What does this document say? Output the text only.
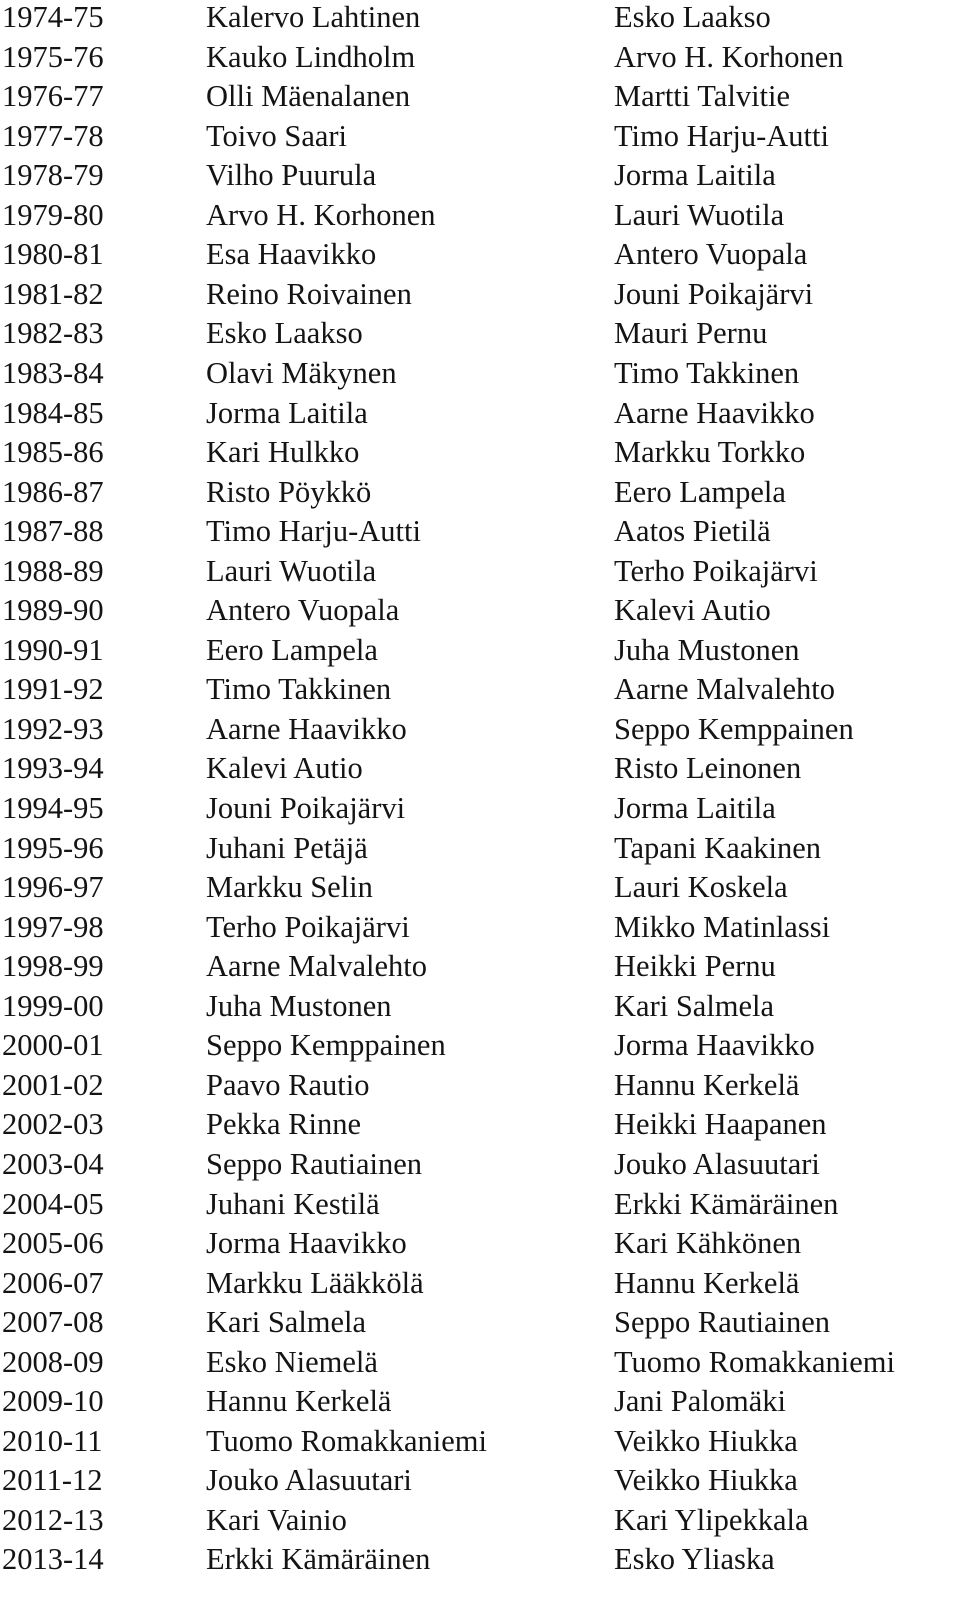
1974-75	Kalervo Lahtinen	Esko Laakso
1975-76	Kauko Lindholm	Arvo H. Korhonen
1976-77	Olli Mäenalanen	Martti Talvitie
1977-78	Toivo Saari	Timo Harju-Autti
1978-79	Vilho Puurula	Jorma Laitila
1979-80	Arvo H. Korhonen	Lauri Wuotila
1980-81	Esa Haavikko	Antero Vuopala
1981-82	Reino Roivainen	Jouni Poikajärvi
1982-83	Esko Laakso	Mauri Pernu
1983-84	Olavi Mäkynen	Timo Takkinen
1984-85	Jorma Laitila	Aarne Haavikko
1985-86	Kari Hulkko	Markku Torkko
1986-87	Risto Pöykkö	Eero Lampela
1987-88	Timo Harju-Autti	Aatos Pietilä
1988-89	Lauri Wuotila	Terho Poikajärvi
1989-90	Antero Vuopala	Kalevi Autio
1990-91	Eero Lampela	Juha Mustonen
1991-92	Timo Takkinen	Aarne Malvalehto
1992-93	Aarne Haavikko	Seppo Kemppainen
1993-94	Kalevi Autio	Risto Leinonen
1994-95	Jouni Poikajärvi	Jorma Laitila
1995-96	Juhani Petäjä	Tapani Kaakinen
1996-97	Markku Selin	Lauri Koskela
1997-98	Terho Poikajärvi	Mikko Matinlassi
1998-99	Aarne Malvalehto	Heikki Pernu
1999-00	Juha Mustonen	Kari Salmela
2000-01	Seppo Kemppainen	Jorma Haavikko
2001-02	Paavo Rautio	Hannu Kerkelä
2002-03	Pekka Rinne	Heikki Haapanen
2003-04	Seppo Rautiainen	Jouko Alasuutari
2004-05	Juhani Kestilä	Erkki Kämäräinen
2005-06	Jorma Haavikko	Kari Kähkönen
2006-07	Markku Lääkkölä	Hannu Kerkelä
2007-08	Kari Salmela	Seppo Rautiainen
2008-09	Esko Niemelä	Tuomo Romakkaniemi
2009-10	Hannu Kerkelä	Jani Palomäki
2010-11	Tuomo Romakkaniemi	Veikko Hiukka
2011-12	Jouko Alasuutari	Veikko Hiukka
2012-13	Kari Vainio	Kari Ylipekkala
2013-14	Erkki Kämäräinen	Esko Yliaska
